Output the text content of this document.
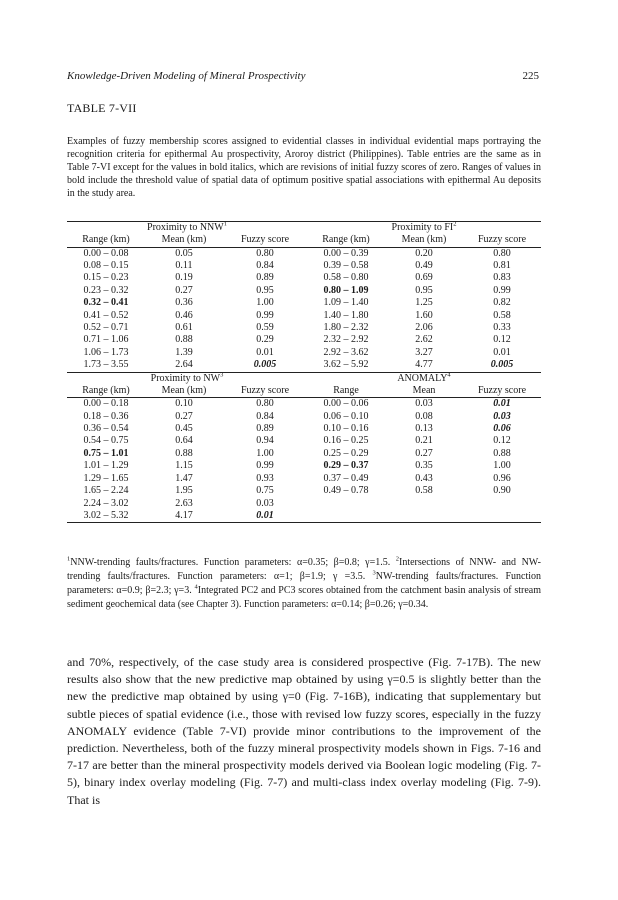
Knowledge-Driven Modeling of Mineral Prospectivity	225
TABLE 7-VII
Examples of fuzzy membership scores assigned to evidential classes in individual evidential maps portraying the recognition criteria for epithermal Au prospectivity, Aroroy district (Philippines). Table entries are the same as in Table 7-VI except for the values in bold italics, which are revisions of initial fuzzy scores of zero. Ranges of values in bold include the threshold value of spatial data of optimum positive spatial associations with epithermal Au deposits in the study area.
Proximity to NNW$^1$			Proximity to $FI^2$
Range (km)	Mean (km)	Fuzzy score	Range (km)	Mean (km)	Fuzzy score
0.00 – 0.08	0.05	0.80	0.00 – 0.39	0.20	0.80
0.08 – 0.15	0.11	0.84	0.39 – 0.58	0.49	0.81
0.15 – 0.23	0.19	0.89	0.58 – 0.80	0.69	0.83
0.23 – 0.32	0.27	0.95	0.80 – 1.09	0.95	0.99
0.32 – 0.41	0.36	1.00	1.09 – 1.40	1.25	0.82
0.41 – 0.52	0.46	0.99	1.40 – 1.80	1.60	0.58
0.52 – 0.71	0.61	0.59	1.80 – 2.32	2.06	0.33
0.71 – 1.06	0.88	0.29	2.32 – 2.92	2.62	0.12
1.06 – 1.73	1.39	0.01	2.92 – 3.62	3.27	0.01
1.73 – 3.55	2.64	0.005	3.62 – 5.92	4.77	0.005
Proximity to $NW^3$			ANOMALY$^4$
Range (km)	Mean (km)	Fuzzy score	Range	Mean	Fuzzy score
0.00 – 0.18	0.10	0.80	0.00 – 0.06	0.03	0.01
0.18 – 0.36	0.27	0.84	0.06 – 0.10	0.08	0.03
0.36 – 0.54	0.45	0.89	0.10 – 0.16	0.13	0.06
0.54 – 0.75	0.64	0.94	0.16 – 0.25	0.21	0.12
0.75 – 1.01	0.88	1.00	0.25 – 0.29	0.27	0.88
1.01 – 1.29	1.15	0.99	0.29 – 0.37	0.35	1.00
1.29 – 1.65	1.47	0.93	0.37 – 0.49	0.43	0.96
1.65 – 2.24	1.95	0.75	0.49 – 0.78	0.58	0.90
2.24 – 3.02	2.63	0.03			
3.02 – 5.32	4.17	0.01			
$^1$NNW-trending faults/fractures. Function parameters: α=0.35; β=0.8; γ=1.5. $^2$Intersections of NNW- and NW-trending faults/fractures. Function parameters: α=1; β=1.9; γ =3.5. $^3$NW-trending faults/fractures. Function parameters: α=0.9; β=2.3; γ=3. $^4$Integrated PC2 and PC3 scores obtained from the catchment basin analysis of stream sediment geochemical data (see Chapter 3). Function parameters: α=0.14; β=0.26; γ=0.34.

and 70%, respectively, of the case study area is considered prospective (Fig. 7-17B). The new results also show that the new predictive map obtained by using γ=0.5 is slightly better than the new the predictive map obtained by using γ=0 (Fig. 7-16B), indicating that supplementary but subtle pieces of spatial evidence (i.e., those with revised low fuzzy scores, especially in the fuzzy ANOMALY evidence (Table 7-VI) provide minor contributions to the improvement of the prediction. Nevertheless, both of the fuzzy mineral prospectivity models shown in Figs. 7-16 and 7-17 are better than the mineral prospectivity models derived via Boolean logic modeling (Fig. 7-5), binary index overlay modeling (Fig. 7-7) and multi-class index overlay modeling (Fig. 7-9). That is
